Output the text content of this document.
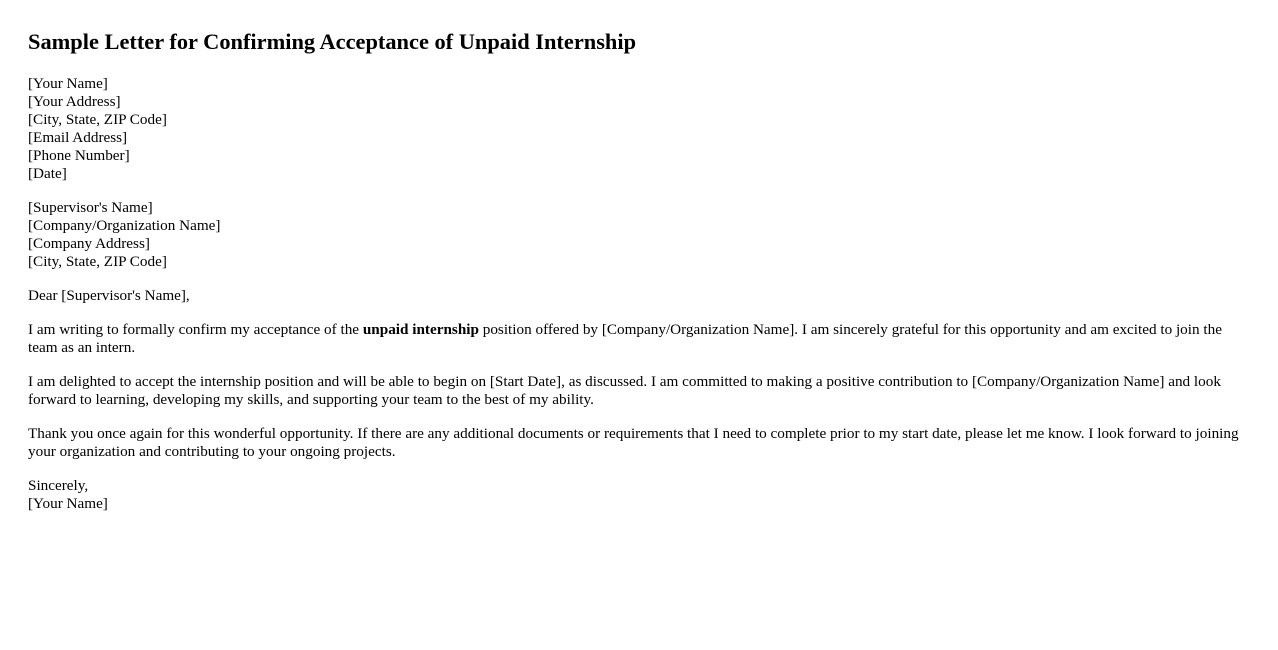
Sample Letter for Confirming Acceptance of Unpaid Internship
[Your Name]
[Your Address]
[City, State, ZIP Code]
[Email Address]
[Phone Number]
[Date]
[Supervisor's Name]
[Company/Organization Name]
[Company Address]
[City, State, ZIP Code]

Dear [Supervisor's Name],

I am writing to formally confirm my acceptance of the unpaid internship position offered by [Company/Organization Name]. I am sincerely grateful for this opportunity and am excited to join the team as an intern.

I am delighted to accept the internship position and will be able to begin on [Start Date], as discussed. I am committed to making a positive contribution to [Company/Organization Name] and look forward to learning, developing my skills, and supporting your team to the best of my ability.

Thank you once again for this wonderful opportunity. If there are any additional documents or requirements that I need to complete prior to my start date, please let me know. I look forward to joining your organization and contributing to your ongoing projects.

Sincerely,
[Your Name]
